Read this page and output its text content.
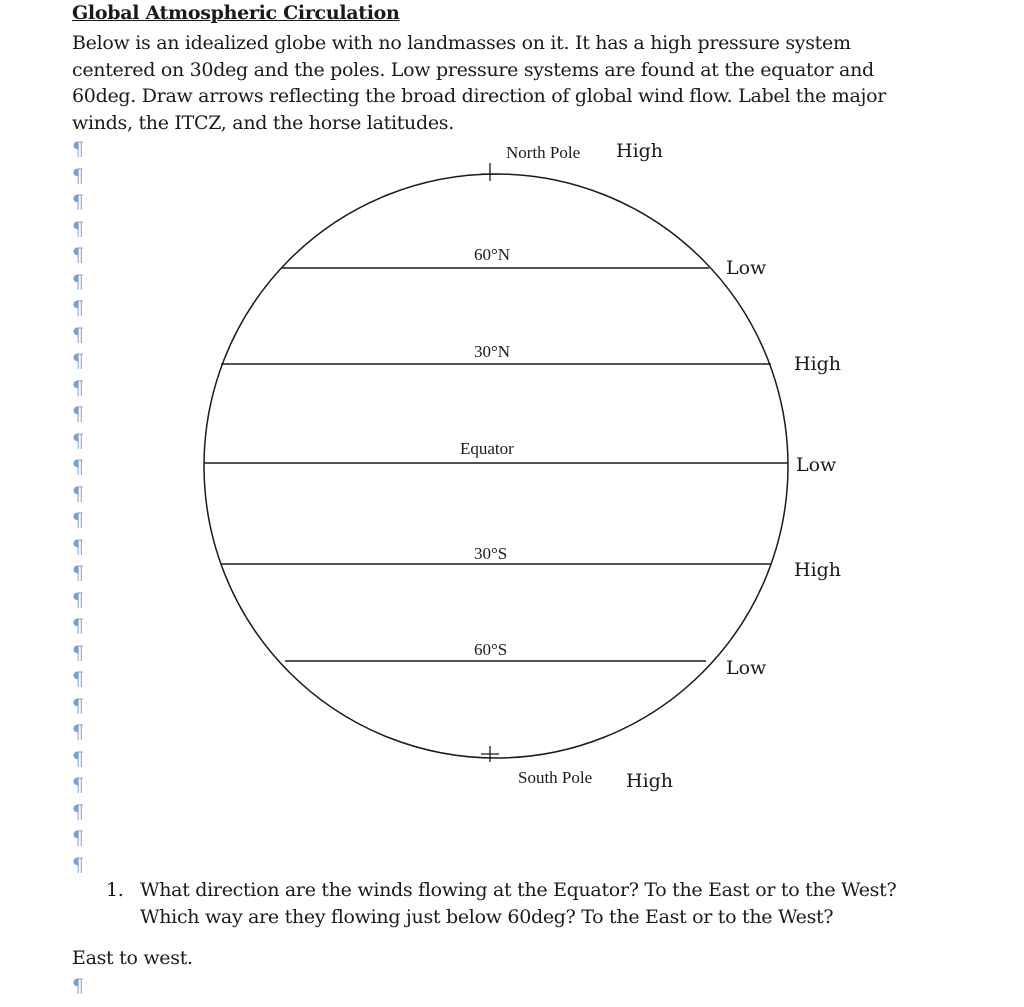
Global Atmospheric Circulation
Below is an idealized globe with no landmasses on it. It has a high pressure system
centered on 30deg and the poles. Low pressure systems are found at the equator and
60deg. Draw arrows reflecting the broad direction of global wind flow. Label the major
winds, the ITCZ, and the horse latitudes.
¶
¶
¶
¶
¶
¶
¶
¶
¶
¶
¶
¶
¶
¶
¶
¶
¶
¶
¶
¶
¶
¶
¶
¶
¶
¶
¶
¶
North Pole High
60°N
Low
30°N
High
Equator
Low
30°S
High
60°S
Low
South Pole High
1. What direction are the winds flowing at the Equator? To the East or to the West?
Which way are they flowing just below 60deg? To the East or to the West?
East to west.
¶
